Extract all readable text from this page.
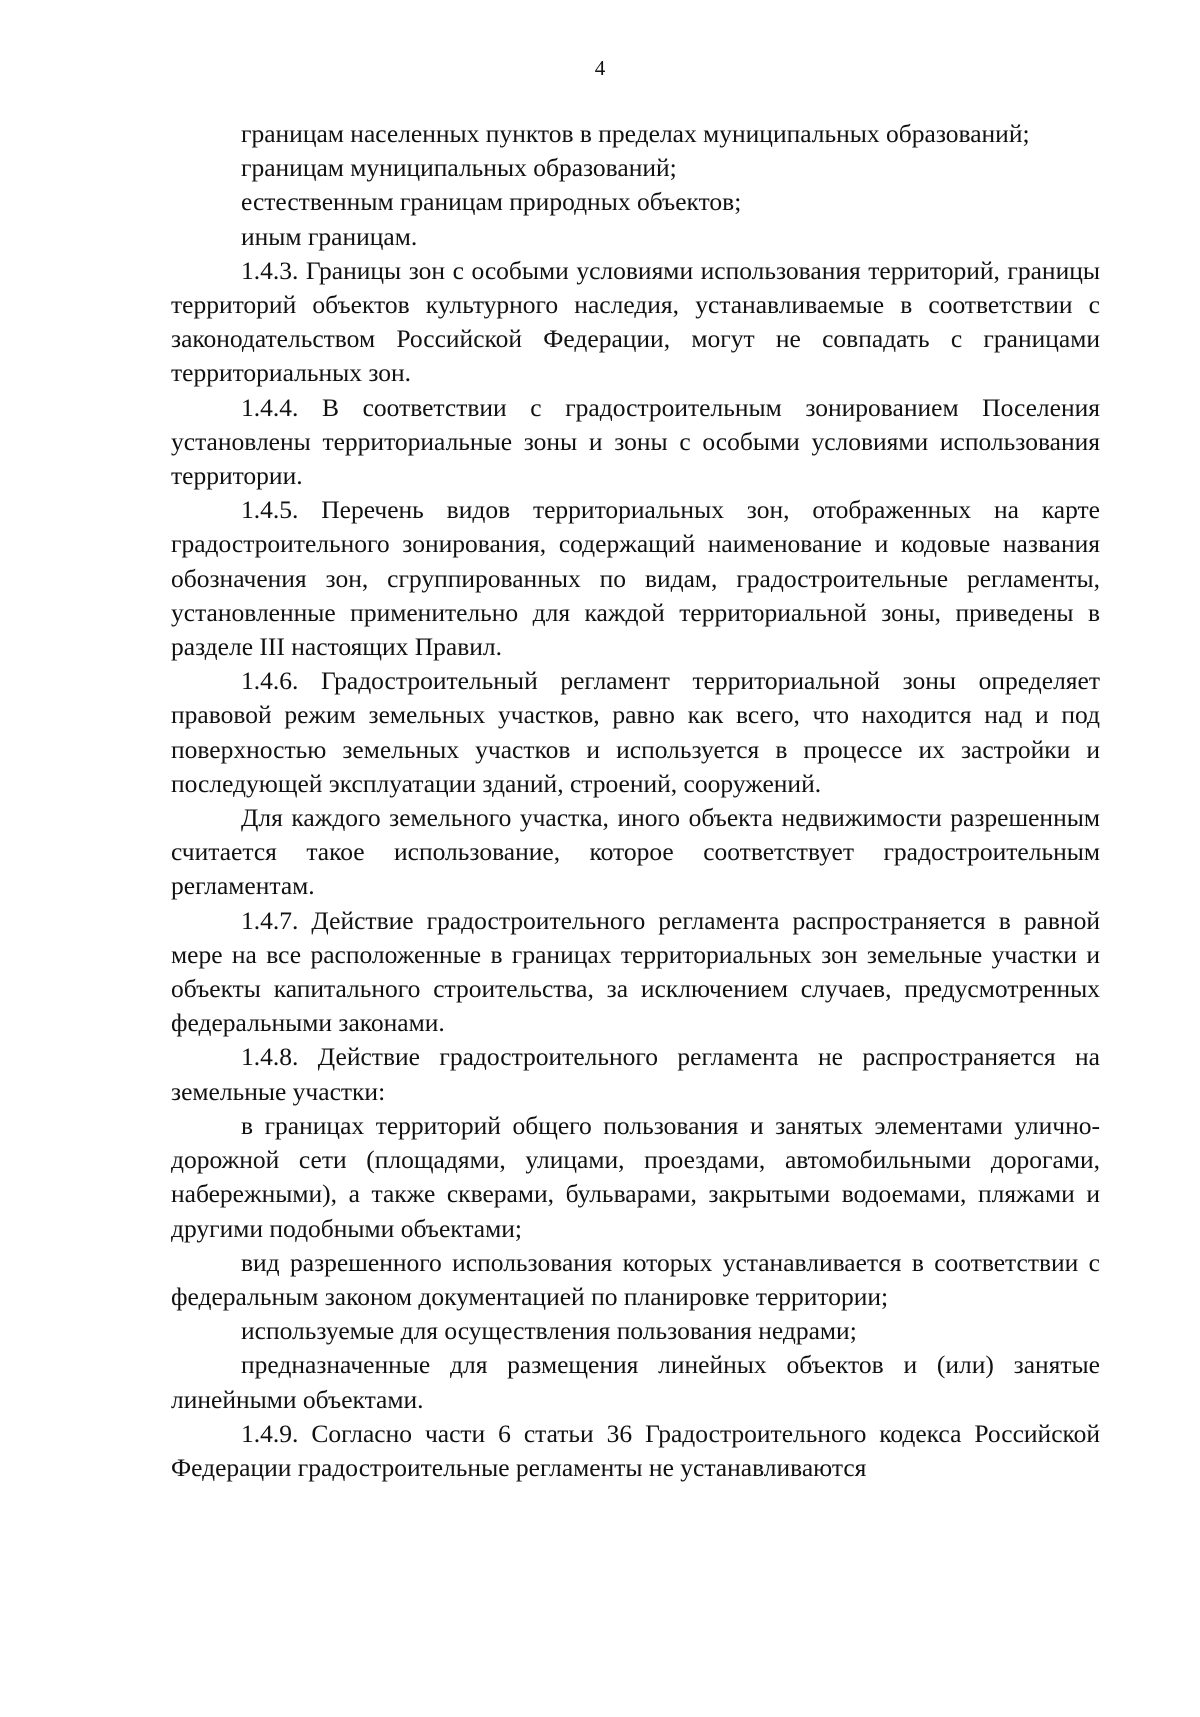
4

границам населенных пунктов в пределах муниципальных образований;

границам муниципальных образований;

естественным границам природных объектов;

иным границам.

1.4.3. Границы зон с особыми условиями использования территорий, границы территорий объектов культурного наследия, устанавливаемые в соответствии с законодательством Российской Федерации, могут не совпадать с границами территориальных зон.

1.4.4. В соответствии с градостроительным зонированием Поселения установлены территориальные зоны и зоны с особыми условиями использования территории.

1.4.5. Перечень видов территориальных зон, отображенных на карте градостроительного зонирования, содержащий наименование и кодовые названия обозначения зон, сгруппированных по видам, градостроительные регламенты, установленные применительно для каждой территориальной зоны, приведены в разделе III настоящих Правил.

1.4.6. Градостроительный регламент территориальной зоны определяет правовой режим земельных участков, равно как всего, что находится над и под поверхностью земельных участков и используется в процессе их застройки и последующей эксплуатации зданий, строений, сооружений.

Для каждого земельного участка, иного объекта недвижимости разрешенным считается такое использование, которое соответствует градостроительным регламентам.

1.4.7. Действие градостроительного регламента распространяется в равной мере на все расположенные в границах территориальных зон земельные участки и объекты капитального строительства, за исключением случаев, предусмотренных федеральными законами.

1.4.8. Действие градостроительного регламента не распространяется на земельные участки:

в границах территорий общего пользования и занятых элементами улично-дорожной сети (площадями, улицами, проездами, автомобильными дорогами, набережными), а также скверами, бульварами, закрытыми водоемами, пляжами и другими подобными объектами;

вид разрешенного использования которых устанавливается в соответствии с федеральным законом документацией по планировке территории;

используемые для осуществления пользования недрами;

предназначенные для размещения линейных объектов и (или) занятые линейными объектами.

1.4.9. Согласно части 6 статьи 36 Градостроительного кодекса Российской Федерации градостроительные регламенты не устанавливаются
